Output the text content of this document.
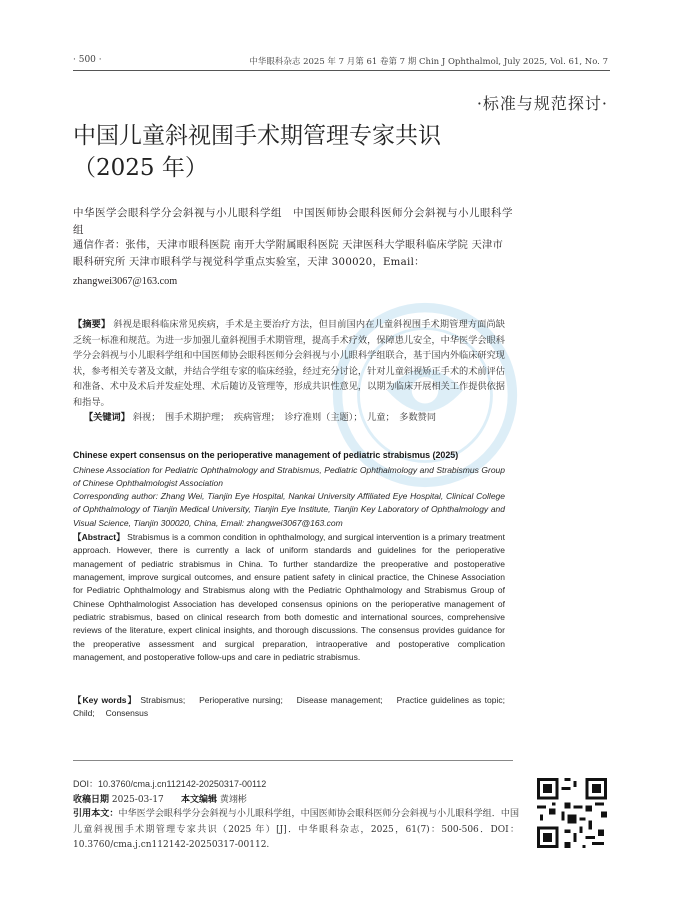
· 500 ·	中华眼科杂志 2025 年 7 月第 61 卷第 7 期 Chin J Ophthalmol, July 2025, Vol. 61, No. 7
·标准与规范探讨·
中国儿童斜视围手术期管理专家共识
（2025 年）
中华医学会眼科学分会斜视与小儿眼科学组　中国医师协会眼科医师分会斜视与小儿眼科学组
通信作者：张伟，天津市眼科医院 南开大学附属眼科医院 天津医科大学眼科临床学院 天津市眼科研究所 天津市眼科学与视觉科学重点实验室，天津 300020，Email：
zhangwei3067@163.com
【摘要】 斜视是眼科临床常见疾病，手术是主要治疗方法，但目前国内在儿童斜视围手术期管理方面尚缺乏统一标准和规范。为进一步加强儿童斜视围手术期管理，提高手术疗效，保障患儿安全，中华医学会眼科学分会斜视与小儿眼科学组和中国医师协会眼科医师分会斜视与小儿眼科学组联合，基于国内外临床研究现状，参考相关专著及文献，并结合学组专家的临床经验，经过充分讨论，针对儿童斜视矫正手术的术前评估和准备、术中及术后并发症处理、术后随访及管理等，形成共识性意见，以期为临床开展相关工作提供依据和指导。
【关键词】 斜视；　围手术期护理；　疾病管理；　诊疗准则（主题）；　儿童；　多数赞同
Chinese expert consensus on the perioperative management of pediatric strabismus (2025)
Chinese Association for Pediatric Ophthalmology and Strabismus, Pediatric Ophthalmology and Strabismus Group of Chinese Ophthalmologist Association
Corresponding author: Zhang Wei, Tianjin Eye Hospital, Nankai University Affiliated Eye Hospital, Clinical College of Ophthalmology of Tianjin Medical University, Tianjin Eye Institute, Tianjin Key Laboratory of Ophthalmology and Visual Science, Tianjin 300020, China, Email: zhangwei3067@163.com
【Abstract】 Strabismus is a common condition in ophthalmology, and surgical intervention is a primary treatment approach. However, there is currently a lack of uniform standards and guidelines for the perioperative management of pediatric strabismus in China. To further standardize the preoperative and postoperative management, improve surgical outcomes, and ensure patient safety in clinical practice, the Chinese Association for Pediatric Ophthalmology and Strabismus along with the Pediatric Ophthalmology and Strabismus Group of Chinese Ophthalmologist Association has developed consensus opinions on the perioperative management of pediatric strabismus, based on clinical research from both domestic and international sources, comprehensive reviews of the literature, expert clinical insights, and thorough discussions. The consensus provides guidance for the preoperative assessment and surgical preparation, intraoperative and postoperative complication management, and postoperative follow-ups and care in pediatric strabismus.
【Key words】 Strabismus;　 Perioperative nursing;　 Disease management;　 Practice guidelines as topic;　 Child;　 Consensus
DOI：10.3760/cma.j.cn112142-20250317-00112
收稿日期 2025-03-17 本文编辑 黄翊彬
引用本文：中华医学会眼科学分会斜视与小儿眼科学组，中国医师协会眼科医师分会斜视与小儿眼科学组．中国儿童斜视围手术期管理专家共识（2025 年）[J]．中华眼科杂志，2025，61(7)：500-506．DOI：10.3760/cma.j.cn112142-20250317-00112.
